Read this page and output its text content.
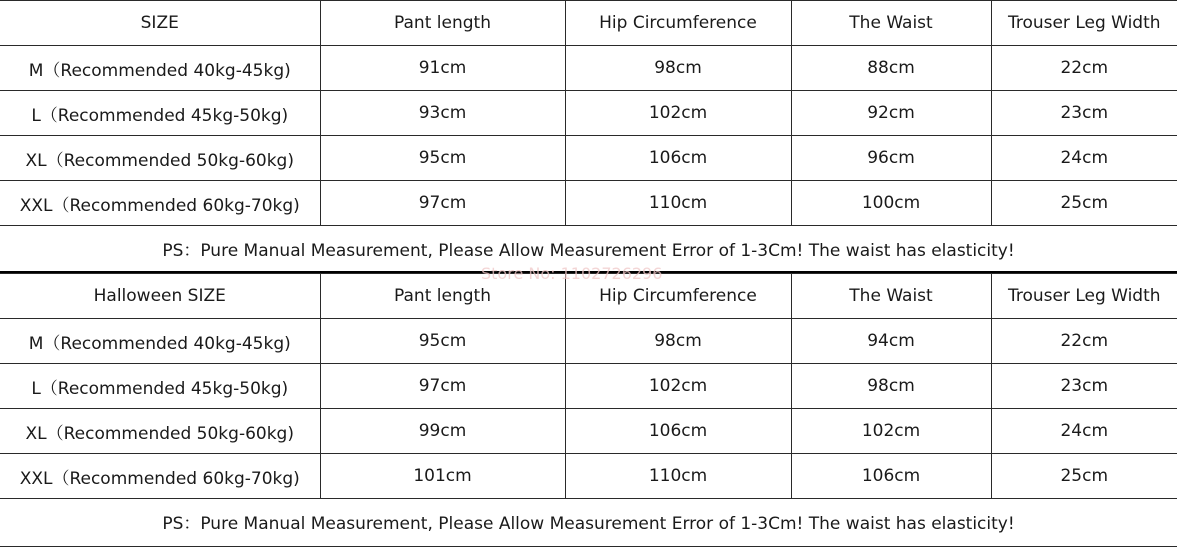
SIZE	Pant length	Hip Circumference	The Waist	Trouser Leg Width
M（Recommended 40kg-45kg)	91cm	98cm	88cm	22cm
L（Recommended 45kg-50kg)	93cm	102cm	92cm	23cm
XL（Recommended 50kg-60kg)	95cm	106cm	96cm	24cm
XXL（Recommended 60kg-70kg)	97cm	110cm	100cm	25cm
PS：Pure Manual Measurement, Please Allow Measurement Error of 1-3Cm! The waist has elasticity!				
Halloween SIZE	Pant length	Hip Circumference	The Waist	Trouser Leg Width
M（Recommended 40kg-45kg)	95cm	98cm	94cm	22cm
L（Recommended 45kg-50kg)	97cm	102cm	98cm	23cm
XL（Recommended 50kg-60kg)	99cm	106cm	102cm	24cm
XXL（Recommended 60kg-70kg)	101cm	110cm	106cm	25cm
PS：Pure Manual Measurement, Please Allow Measurement Error of 1-3Cm! The waist has elasticity!				
Store No: 1102726296
